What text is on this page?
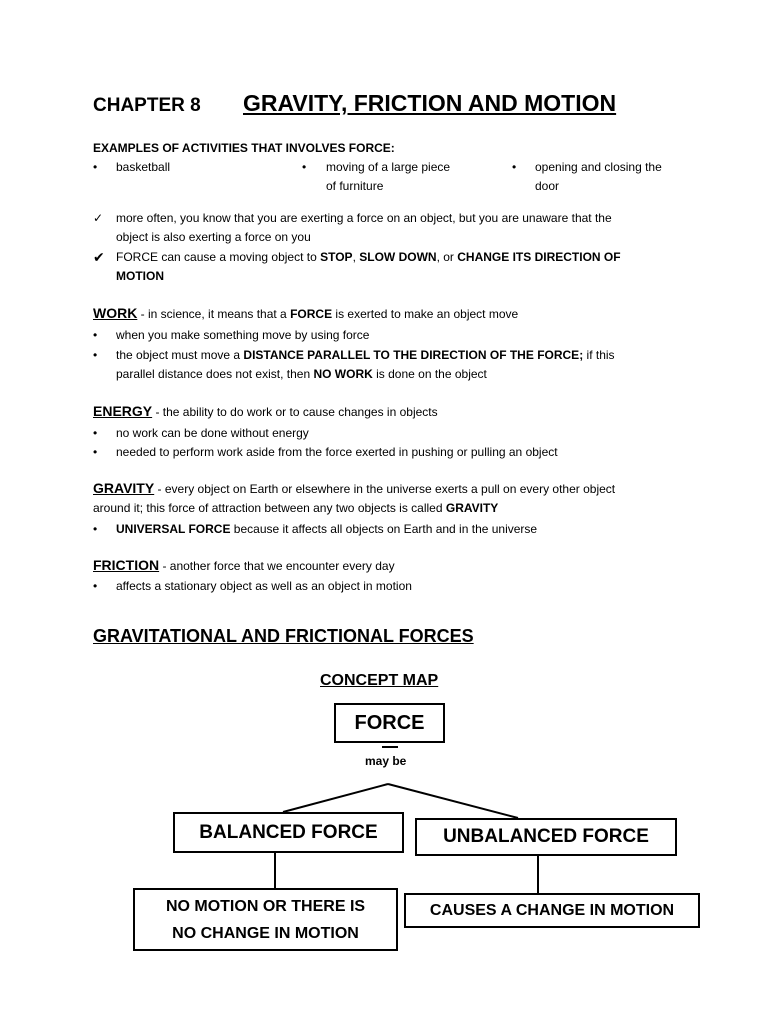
CHAPTER 8 GRAVITY, FRICTION AND MOTION
EXAMPLES OF ACTIVITIES THAT INVOLVES FORCE:
• basketball	• moving of a large piece
of furniture
• opening and closing the
door
✓ more often, you know that you are exerting a force on an object, but you are unaware that the
object is also exerting a force on you
✔ FORCE can cause a moving object to STOP, SLOW DOWN, or CHANGE ITS DIRECTION OF
MOTION
WORK - in science, it means that a FORCE is exerted to make an object move
• when you make something move by using force
• the object must move a DISTANCE PARALLEL TO THE DIRECTION OF THE FORCE; if this
parallel distance does not exist, then NO WORK is done on the object
ENERGY - the ability to do work or to cause changes in objects
• no work can be done without energy
• needed to perform work aside from the force exerted in pushing or pulling an object
GRAVITY - every object on Earth or elsewhere in the universe exerts a pull on every other object
around it; this force of attraction between any two objects is called GRAVITY
• UNIVERSAL FORCE because it affects all objects on Earth and in the universe
FRICTION - another force that we encounter every day
• affects a stationary object as well as an object in motion
GRAVITATIONAL AND FRICTIONAL FORCES
CONCEPT MAP
FORCE
may be
BALANCED FORCE	UNBALANCED FORCE
NO MOTION OR THERE IS
NO CHANGE IN MOTION
CAUSES A CHANGE IN MOTION
